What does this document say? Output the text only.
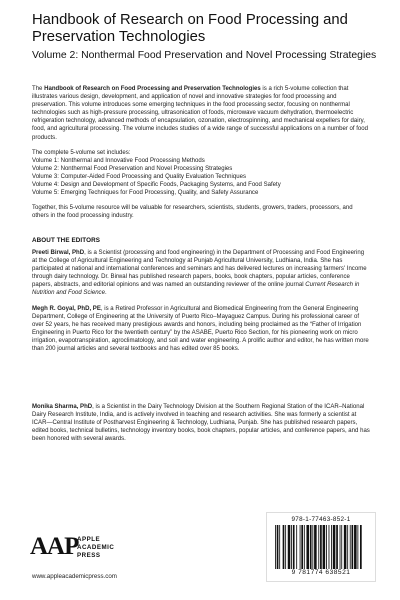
Handbook of Research on Food Processing and Preservation Technologies
Volume 2: Nonthermal Food Preservation and Novel Processing Strategies

The Handbook of Research on Food Processing and Preservation Technologies is a rich 5-volume collection that illustrates various design, development, and application of novel and innovative strategies for food processing and preservation. This volume introduces some emerging techniques in the food processing sector, focusing on nonthermal technologies such as high-pressure processing, ultrasonication of foods, microwave vacuum dehydration, thermoelectric refrigeration technology, advanced methods of encapsulation, ozonation, electrospinning, and mechanical expellers for dairy, food, and agricultural processing. The volume includes studies of a wide range of successful applications on a number of food products.

The complete 5-volume set includes:
Volume 1: Nonthermal and Innovative Food Processing Methods
Volume 2: Nonthermal Food Preservation and Novel Processing Strategies
Volume 3: Computer-Aided Food Processing and Quality Evaluation Techniques
Volume 4: Design and Development of Specific Foods, Packaging Systems, and Food Safety
Volume 5: Emerging Techniques for Food Processing, Quality, and Safety Assurance

Together, this 5-volume resource will be valuable for researchers, scientists, students, growers, traders, processors, and others in the food processing industry.

ABOUT THE EDITORS

Preeti Birwal, PhD, is a Scientist (processing and food engineering) in the Department of Processing and Food Engineering at the College of Agricultural Engineering and Technology at Punjab Agricultural University, Ludhiana, India. She has participated at national and international conferences and seminars and has delivered lectures on increasing farmers' Income through dairy technology. Dr. Birwal has published research papers, books, book chapters, popular articles, conference papers, abstracts, and editorial opinions and was named an outstanding reviewer of the online journal Current Research in Nutrition and Food Science.

Megh R. Goyal, PhD, PE, is a Retired Professor in Agricultural and Biomedical Engineering from the General Engineering Department, College of Engineering at the University of Puerto Rico–Mayaguez Campus. During his professional career of over 52 years, he has received many prestigious awards and honors, including being proclaimed as the “Father of Irrigation Engineering in Puerto Rico for the twentieth century” by the ASABE, Puerto Rico Section, for his pioneering work on micro irrigation, evapotranspiration, agroclimatology, and soil and water engineering. A prolific author and editor, he has written more than 200 journal articles and several textbooks and has edited over 85 books.

Monika Sharma, PhD, is a Scientist in the Dairy Technology Division at the Southern Regional Station of the ICAR–National Dairy Research Institute, India, and is actively involved in teaching and research activities. She was formerly a scientist at ICAR—Central Institute of Postharvest Engineering & Technology, Ludhiana, Punjab. She has published research papers, edited books, technical bulletins, technology inventory books, book chapters, popular articles, and conference papers, and has been honored with several awards.

AAP
APPLE
ACADEMIC
PRESS
www.appleacademicpress.com
978-1-77463-852-1
9 781774 638521
